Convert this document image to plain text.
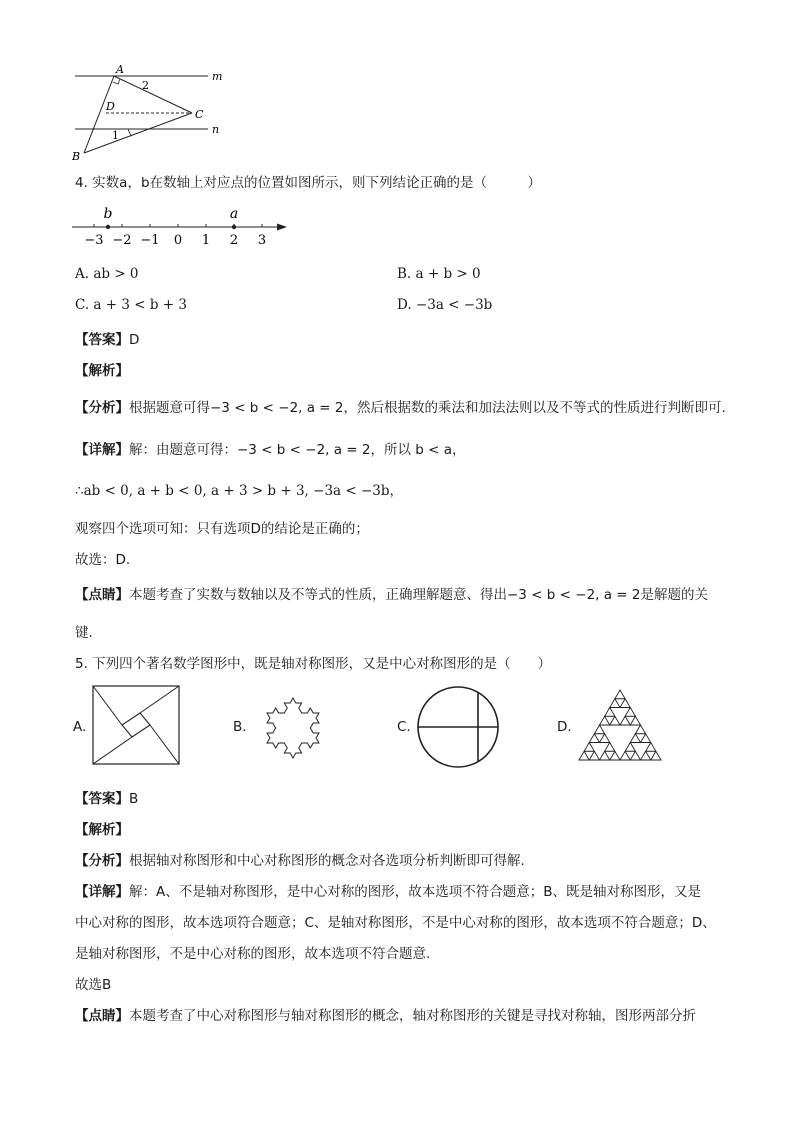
A
2
m
D
C
1	n
B
4. 实数a，b在数轴上对应点的位置如图所示，则下列结论正确的是（　　　）
−3 −2 −1 0 1 2 3
b	a
A. ab > 0	B. a + b > 0
C. a + 3 < b + 3	D. −3a < −3b
【答案】D
【解析】
【分析】根据题意可得−3 < b < −2, a = 2，然后根据数的乘法和加法法则以及不等式的性质进行判断即可.
【详解】解：由题意可得：−3 < b < −2, a = 2，所以 b < a，
∴ab < 0, a + b < 0, a + 3 > b + 3, −3a < −3b，
观察四个选项可知：只有选项D的结论是正确的；
故选：D.
【点睛】本题考查了实数与数轴以及不等式的性质，正确理解题意、得出−3 < b < −2, a = 2是解题的关
键.
5. 下列四个著名数学图形中，既是轴对称图形，又是中心对称图形的是（　　）
A.	B.	C.	D.
【答案】B
【解析】
【分析】根据轴对称图形和中心对称图形的概念对各选项分析判断即可得解.
【详解】解：A、不是轴对称图形，是中心对称的图形，故本选项不符合题意；B、既是轴对称图形，又是
中心对称的图形，故本选项符合题意；C、是轴对称图形，不是中心对称的图形，故本选项不符合题意；D、
是轴对称图形，不是中心对称的图形，故本选项不符合题意.
故选B
【点睛】本题考查了中心对称图形与轴对称图形的概念，轴对称图形的关键是寻找对称轴，图形两部分折
